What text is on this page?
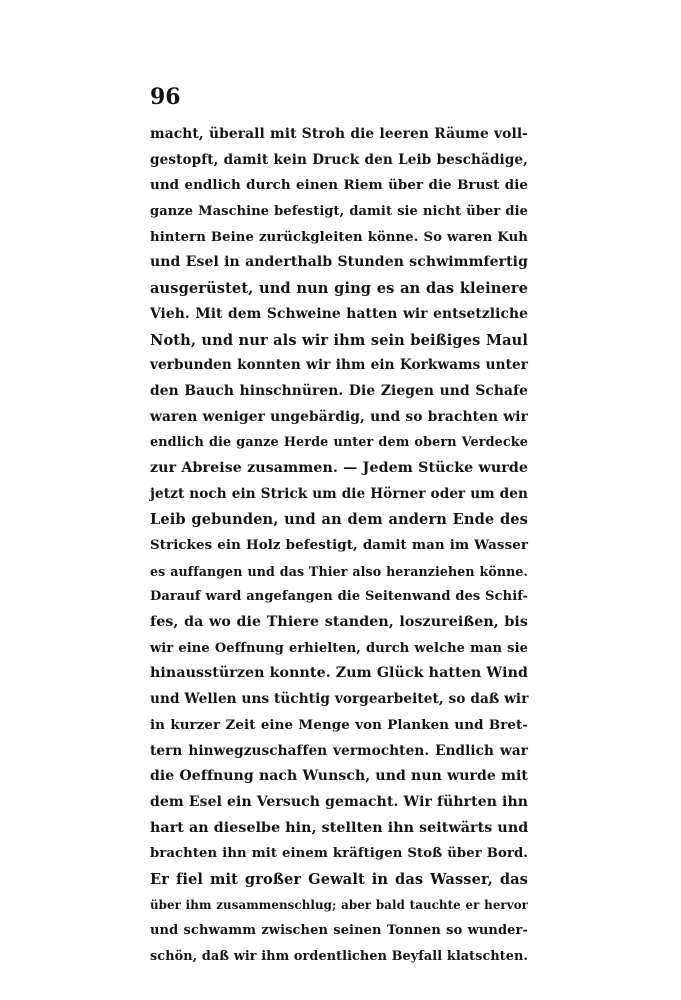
96
macht, überall mit Stroh die leeren Räume voll-
gestopft, damit kein Druck den Leib beschädige,
und endlich durch einen Riem über die Brust die
ganze Maschine befestigt, damit sie nicht über die
hintern Beine zurückgleiten könne. So waren Kuh
und Esel in anderthalb Stunden schwimmfertig
ausgerüstet, und nun ging es an das kleinere
Vieh. Mit dem Schweine hatten wir entsetzliche
Noth, und nur als wir ihm sein beißiges Maul
verbunden konnten wir ihm ein Korkwams unter
den Bauch hinschnüren. Die Ziegen und Schafe
waren weniger ungebärdig, und so brachten wir
endlich die ganze Herde unter dem obern Verdecke
zur Abreise zusammen. — Jedem Stücke wurde
jetzt noch ein Strick um die Hörner oder um den
Leib gebunden, und an dem andern Ende des
Strickes ein Holz befestigt, damit man im Wasser
es auffangen und das Thier also heranziehen könne.
Darauf ward angefangen die Seitenwand des Schif-
fes, da wo die Thiere standen, loszureißen, bis
wir eine Oeffnung erhielten, durch welche man sie
hinausstürzen konnte. Zum Glück hatten Wind
und Wellen uns tüchtig vorgearbeitet, so daß wir
in kurzer Zeit eine Menge von Planken und Bret-
tern hinwegzuschaffen vermochten. Endlich war
die Oeffnung nach Wunsch, und nun wurde mit
dem Esel ein Versuch gemacht. Wir führten ihn
hart an dieselbe hin, stellten ihn seitwärts und
brachten ihn mit einem kräftigen Stoß über Bord.
Er fiel mit großer Gewalt in das Wasser, das
über ihm zusammenschlug; aber bald tauchte er hervor
und schwamm zwischen seinen Tonnen so wunder-
schön, daß wir ihm ordentlichen Beyfall klatschten.
